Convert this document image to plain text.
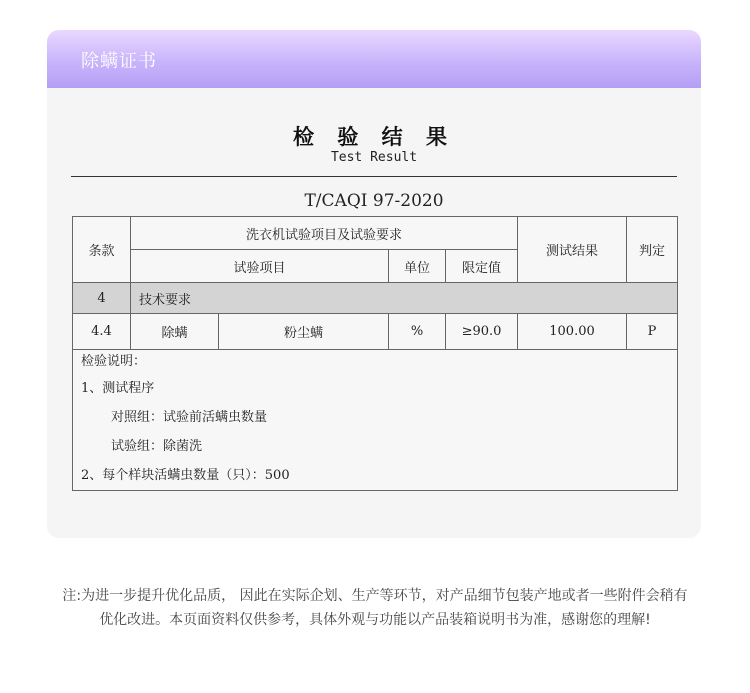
除螨证书
检 验 结 果
Test Result
T/CAQI 97-2020
条款	洗衣机试验项目及试验要求				测试结果	判定
	试验项目		单位	限定值		
4	技术要求					
4.4	除螨	粉尘螨	%	≥90.0	100.00	P

检验说明：
1、测试程序
对照组：试验前活螨虫数量
试验组：除菌洗
2、每个样块活螨虫数量（只）：500						
注:为进一步提升优化品质， 因此在实际企划、生产等环节，对产品细节包装产地或者一些附件会稍有优化改进。本页面资料仅供参考，具体外观与功能以产品装箱说明书为准，感谢您的理解!
